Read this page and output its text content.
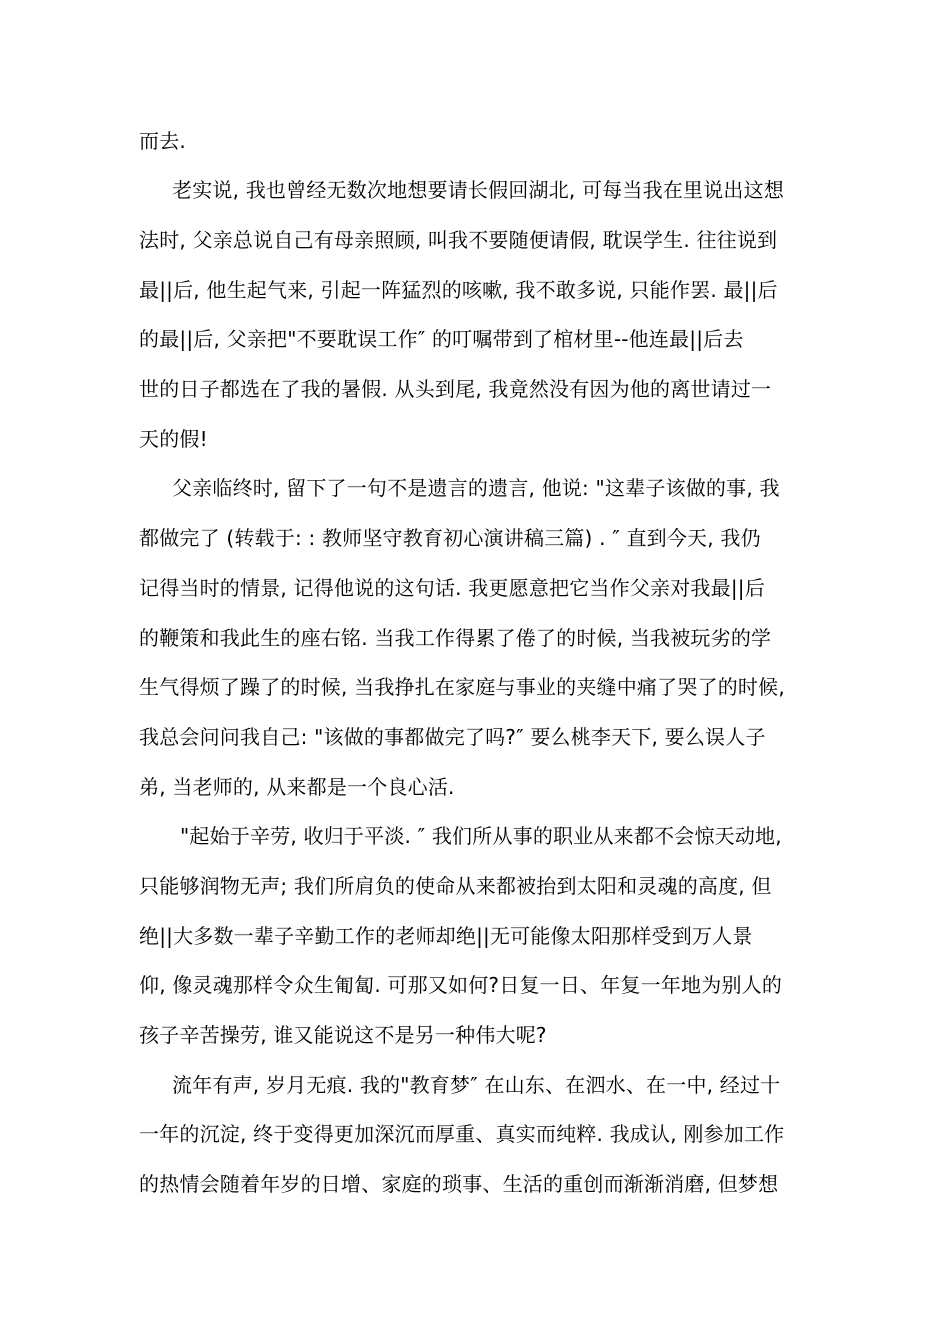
而去.
老实说, 我也曾经无数次地想要请长假回湖北, 可每当我在里说出这想
法时, 父亲总说自己有母亲照顾, 叫我不要随便请假, 耽误学生. 往往说到
最||后, 他生起气来, 引起一阵猛烈的咳嗽, 我不敢多说, 只能作罢. 最||后
的最||后, 父亲把"不要耽误工作″ 的叮嘱带到了棺材里--他连最||后去
世的日子都选在了我的暑假. 从头到尾, 我竟然没有因为他的离世请过一
天的假!
父亲临终时, 留下了一句不是遗言的遗言, 他说: "这辈子该做的事, 我
都做完了 (转载于: : 教师坚守教育初心演讲稿三篇) . ″ 直到今天, 我仍
记得当时的情景, 记得他说的这句话. 我更愿意把它当作父亲对我最||后
的鞭策和我此生的座右铭. 当我工作得累了倦了的时候, 当我被玩劣的学
生气得烦了躁了的时候, 当我挣扎在家庭与事业的夹缝中痛了哭了的时候,
我总会问问我自己: "该做的事都做完了吗?″ 要么桃李天下, 要么误人子
弟, 当老师的, 从来都是一个良心活.
"起始于辛劳, 收归于平淡. ″ 我们所从事的职业从来都不会惊天动地,
只能够润物无声; 我们所肩负的使命从来都被抬到太阳和灵魂的高度, 但
绝||大多数一辈子辛勤工作的老师却绝||无可能像太阳那样受到万人景
仰, 像灵魂那样令众生匍匐. 可那又如何?日复一日、年复一年地为别人的
孩子辛苦操劳, 谁又能说这不是另一种伟大呢?
流年有声, 岁月无痕. 我的"教育梦″ 在山东、在泗水、在一中, 经过十
一年的沉淀, 终于变得更加深沉而厚重、真实而纯粹. 我成认, 刚参加工作
的热情会随着年岁的日增、家庭的琐事、生活的重创而渐渐消磨, 但梦想
